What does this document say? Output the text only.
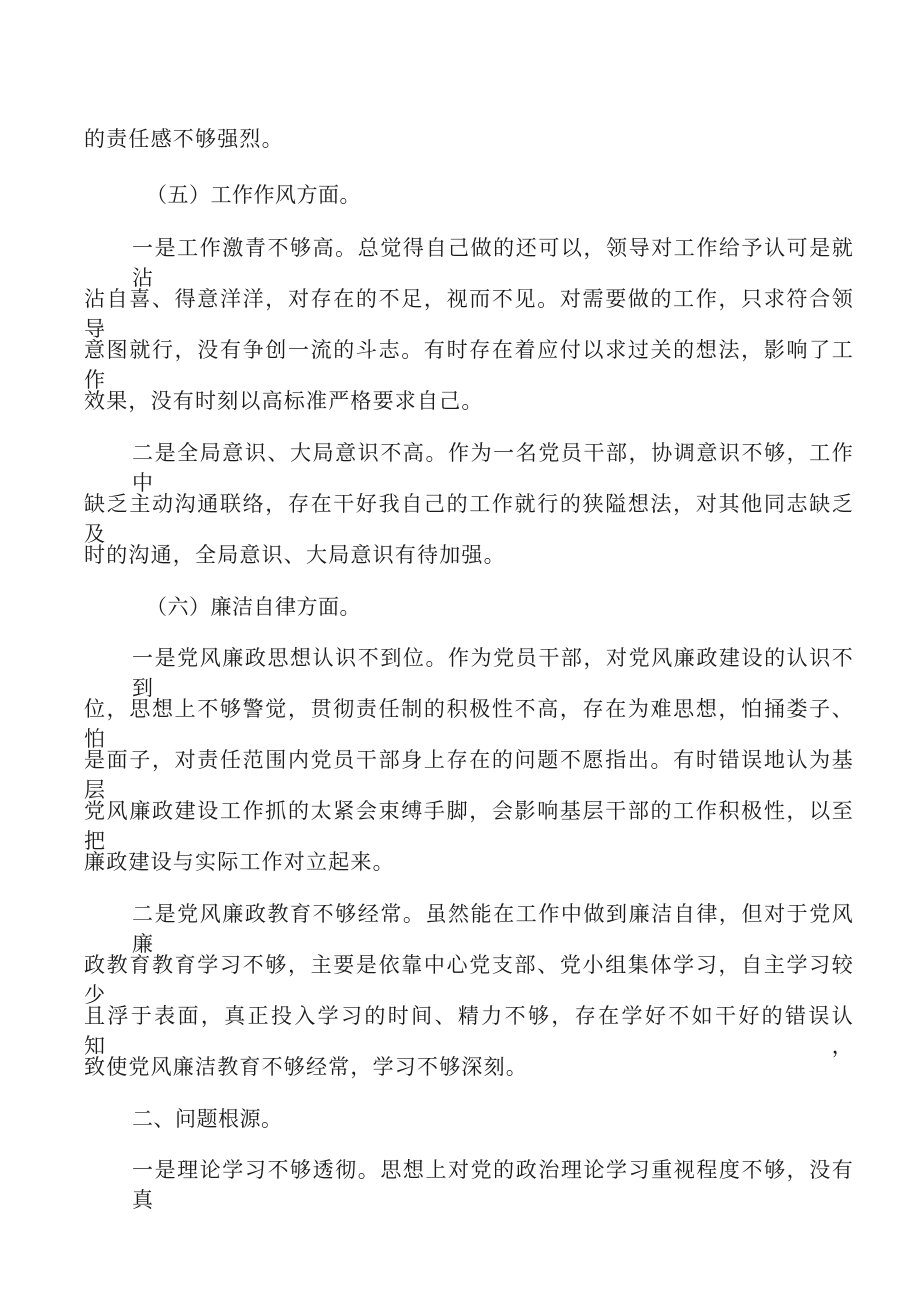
的责任感不够强烈。
（五）工作作风方面。
一是工作激青不够高。总觉得自己做的还可以，领导对工作给予认可是就沾
沾自喜、得意洋洋，对存在的不足，视而不见。对需要做的工作，只求符合领导
意图就行，没有争创一流的斗志。有时存在着应付以求过关的想法，影响了工作
效果，没有时刻以高标准严格要求自己。
二是全局意识、大局意识不高。作为一名党员干部，协调意识不够，工作中
缺乏主动沟通联络，存在干好我自己的工作就行的狭隘想法，对其他同志缺乏及
时的沟通，全局意识、大局意识有待加强。
（六）廉洁自律方面。
一是党风廉政思想认识不到位。作为党员干部，对党风廉政建设的认识不到
位，思想上不够警觉，贯彻责任制的积极性不高，存在为难思想，怕捅娄子、怕
是面子，对责任范围内党员干部身上存在的问题不愿指出。有时错误地认为基层
党风廉政建设工作抓的太紧会束缚手脚，会影响基层干部的工作积极性，以至把
廉政建设与实际工作对立起来。
二是党风廉政教育不够经常。虽然能在工作中做到廉洁自律，但对于党风廉
政教育教育学习不够，主要是依靠中心党支部、党小组集体学习，自主学习较少
且浮于表面，真正投入学习的时间、精力不够，存在学好不如干好的错误认知，
致使党风廉洁教育不够经常，学习不够深刻。
二、问题根源。
一是理论学习不够透彻。思想上对党的政治理论学习重视程度不够，没有真
